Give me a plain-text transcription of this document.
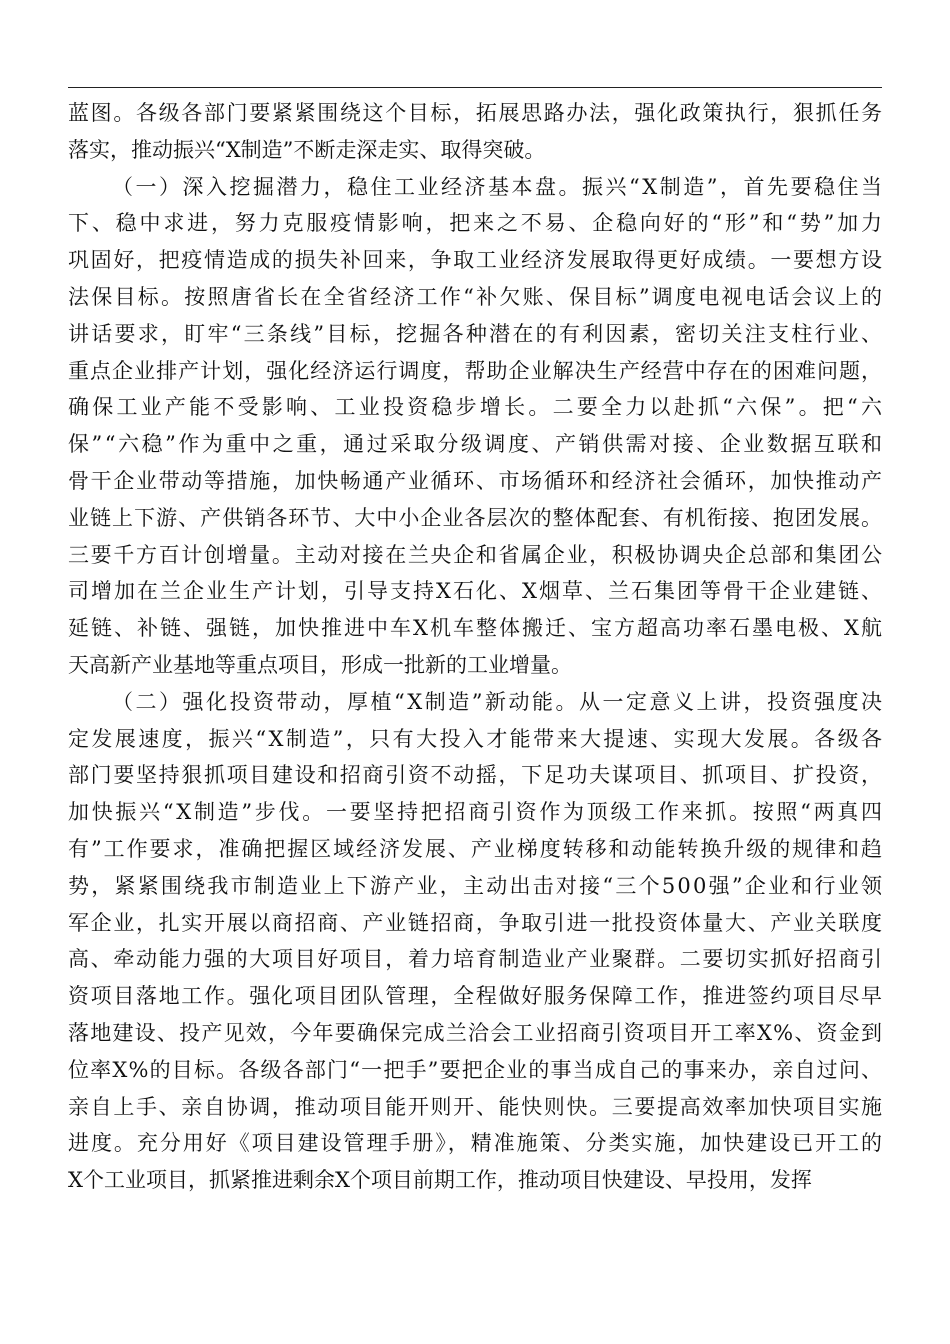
蓝图。各级各部门要紧紧围绕这个目标，拓展思路办法，强化政策执行，狠抓任务
落实，推动振兴“X制造”不断走深走实、取得突破。
（一）深入挖掘潜力，稳住工业经济基本盘。振兴“X制造”，首先要稳住当
下、稳中求进，努力克服疫情影响，把来之不易、企稳向好的“形”和“势”加力
巩固好，把疫情造成的损失补回来，争取工业经济发展取得更好成绩。一要想方设
法保目标。按照唐省长在全省经济工作“补欠账、保目标”调度电视电话会议上的
讲话要求，盯牢“三条线”目标，挖掘各种潜在的有利因素，密切关注支柱行业、
重点企业排产计划，强化经济运行调度，帮助企业解决生产经营中存在的困难问题，
确保工业产能不受影响、工业投资稳步增长。二要全力以赴抓“六保”。把“六
保”“六稳”作为重中之重，通过采取分级调度、产销供需对接、企业数据互联和
骨干企业带动等措施，加快畅通产业循环、市场循环和经济社会循环，加快推动产
业链上下游、产供销各环节、大中小企业各层次的整体配套、有机衔接、抱团发展。
三要千方百计创增量。主动对接在兰央企和省属企业，积极协调央企总部和集团公
司增加在兰企业生产计划，引导支持X石化、X烟草、兰石集团等骨干企业建链、
延链、补链、强链，加快推进中车X机车整体搬迁、宝方超高功率石墨电极、X航
天高新产业基地等重点项目，形成一批新的工业增量。
（二）强化投资带动，厚植“X制造”新动能。从一定意义上讲，投资强度决
定发展速度，振兴“X制造”，只有大投入才能带来大提速、实现大发展。各级各
部门要坚持狠抓项目建设和招商引资不动摇，下足功夫谋项目、抓项目、扩投资，
加快振兴“X制造”步伐。一要坚持把招商引资作为顶级工作来抓。按照“两真四
有”工作要求，准确把握区域经济发展、产业梯度转移和动能转换升级的规律和趋
势，紧紧围绕我市制造业上下游产业，主动出击对接“三个500强”企业和行业领
军企业，扎实开展以商招商、产业链招商，争取引进一批投资体量大、产业关联度
高、牵动能力强的大项目好项目，着力培育制造业产业聚群。二要切实抓好招商引
资项目落地工作。强化项目团队管理，全程做好服务保障工作，推进签约项目尽早
落地建设、投产见效，今年要确保完成兰洽会工业招商引资项目开工率X%、资金到
位率X%的目标。各级各部门“一把手”要把企业的事当成自己的事来办，亲自过问、
亲自上手、亲自协调，推动项目能开则开、能快则快。三要提高效率加快项目实施
进度。充分用好《项目建设管理手册》，精准施策、分类实施，加快建设已开工的
X个工业项目，抓紧推进剩余X个项目前期工作，推动项目快建设、早投用，发挥
